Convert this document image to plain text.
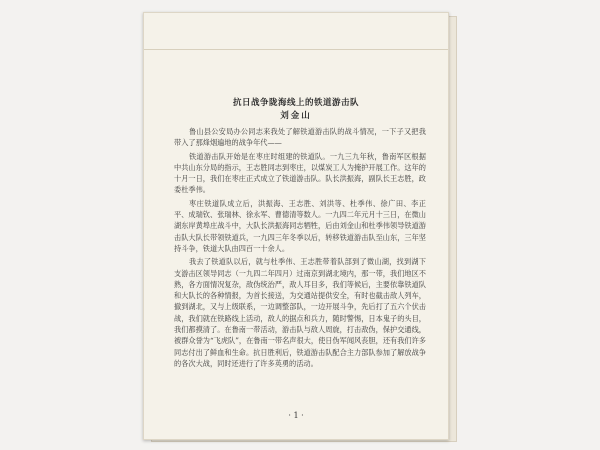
抗日战争陇海线上的铁道游击队
刘金山

鲁山县公安局办公同志来我处了解铁道游击队的战斗情况，一下子又把我带入了那烽烟遍地的战争年代——

铁道游击队开始是在枣庄时组建的铁道队。一九三九年秋，鲁南军区根据中共山东分局的指示，王志胜同志到枣庄，以煤炭工人为掩护开展工作。这年的十月一日，我们在枣庄正式成立了铁道游击队。队长洪振海，副队长王志胜，政委杜季伟。

枣庄铁道队成立后，洪振海、王志胜、刘洪等、杜季伟、徐广田、李正平、成瑞钦、张瑞林、徐永军、曹德清等数人。一九四二年元月十三日，在微山湖东岸黄埠庄战斗中，大队长洪振海同志牺牲，后由刘金山和杜季伟领导铁道游击队大队长带领铁道兵，一九四三年冬季以后，转移铁道游击队至山东，三年坚持斗争，铁道大队由四百一十余人。

我去了铁道队以后，就与杜季伟、王志胜带着队部到了微山湖，找到湖下支游击区领导同志（一九四二年四月）过南京到湖北境内，那一带，我们地区不熟，各方面情况复杂，敌伪统治严，敌人耳目多，我们等候后，主要依靠铁道队和大队长的各种情报，为首长接送，为交通站提供安全，有时也截击敌人列车，撤到湖北，又与上级联系，一边调整部队，一边开展斗争，先后打了五六个伏击战，我们就在铁路线上活动，敌人的据点和兵力，随时警惕，日本鬼子的头目，我们都摸清了。在鲁南一带活动，游击队与敌人周旋，打击敌伪，保护交通线，被群众誉为“飞虎队”，在鲁南一带名声很大，使日伪军闻风丧胆，还有我们许多同志付出了鲜血和生命。抗日胜利后，铁道游击队配合主力部队参加了解放战争的各次大战，同时还进行了许多英勇的活动。

· 1 ·
